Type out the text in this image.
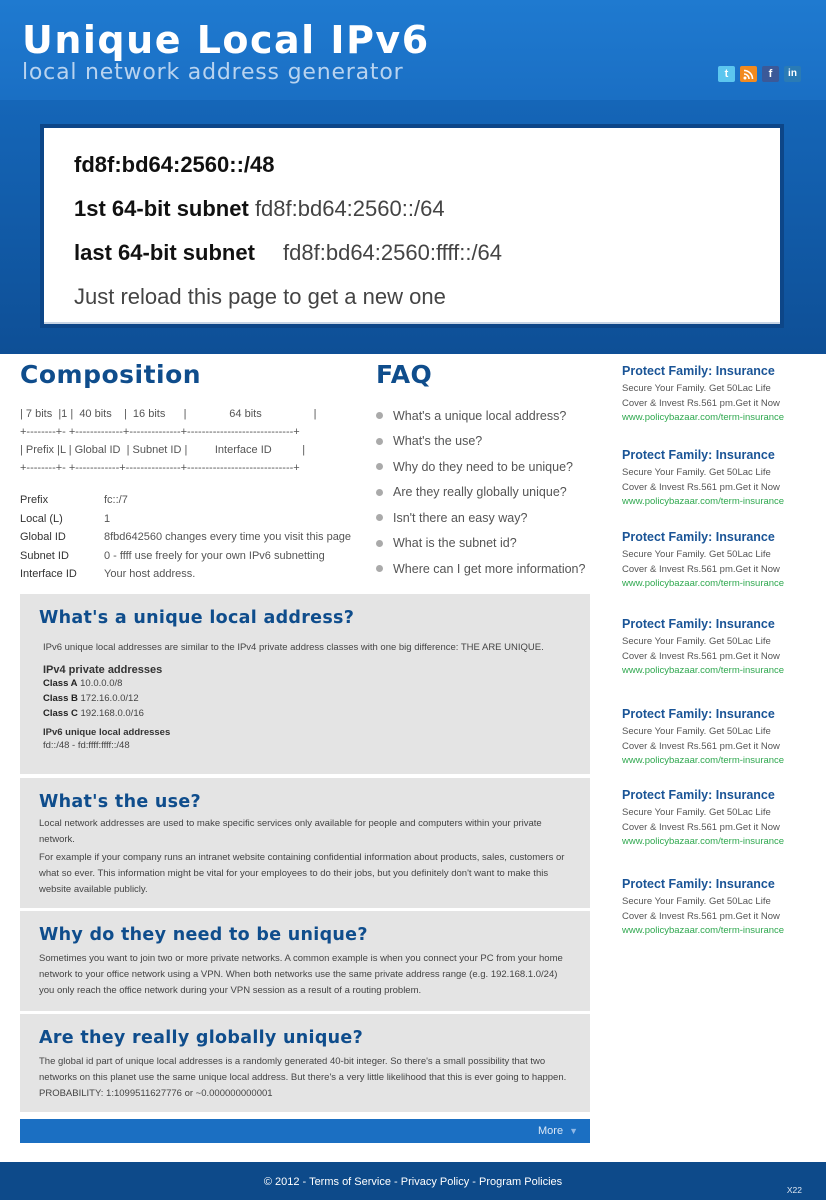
Unique Local IPv6
local network address generator	t	f	in
fd8f:bd64:2560::/48
1st 64-bit subnet fd8f:bd64:2560::/64
last 64-bit subnet fd8f:bd64:2560:ffff::/64
Just reload this page to get a new one
Composition
| 7 bits  |1 |  40 bits    |  16 bits      |              64 bits                 |
+--------+- +-------------+--------------+-----------------------------+
| Prefix |L | Global ID  | Subnet ID |         Interface ID          |
+--------+- +------------+---------------+-----------------------------+
Prefix	fc::/7
Local (L)	1
Global ID	8fbd642560 changes every time you visit this page
Subnet ID	0 - ffff use freely for your own IPv6 subnetting
Interface ID	Your host address.
FAQ
What's a unique local address?
What's the use?
Why do they need to be unique?
Are they really globally unique?
Isn't there an easy way?
What is the subnet id?
Where can I get more information?
What's a unique local address?

IPv6 unique local addresses are similar to the IPv4 private address classes with one big difference: THE ARE UNIQUE.

IPv4 private addresses
Class A 10.0.0.0/8
Class B 172.16.0.0/12
Class C 192.168.0.0/16
IPv6 unique local addresses
fd::/48 - fd:ffff:ffff::/48
What's the use?

Local network addresses are used to make specific services only available for people and computers within your private network.

For example if your company runs an intranet website containing confidential information about products, sales, customers or what so ever. This information might be vital for your employees to do their jobs, but you definitely don't want to make this website available publicly.

Why do they need to be unique?

Sometimes you want to join two or more private networks. A common example is when you connect your PC from your home network to your office network using a VPN. When both networks use the same private address range (e.g. 192.168.1.0/24) you only reach the office network during your VPN session as a result of a routing problem.

Are they really globally unique?

The global id part of unique local addresses is a randomly generated 40-bit integer. So there's a small possibility that two networks on this planet use the same unique local address. But there's a very little likelihood that this is ever going to happen. PROBABILITY: 1:1099511627776 or ~0.000000000001

More ▼
Protect Family: Insurance
Secure Your Family. Get 50Lac Life
Cover & Invest Rs.561 pm.Get it Now
www.policybazaar.com/term-insurance
Protect Family: Insurance
Secure Your Family. Get 50Lac Life
Cover & Invest Rs.561 pm.Get it Now
www.policybazaar.com/term-insurance
Protect Family: Insurance
Secure Your Family. Get 50Lac Life
Cover & Invest Rs.561 pm.Get it Now
www.policybazaar.com/term-insurance
Protect Family: Insurance
Secure Your Family. Get 50Lac Life
Cover & Invest Rs.561 pm.Get it Now
www.policybazaar.com/term-insurance
Protect Family: Insurance
Secure Your Family. Get 50Lac Life
Cover & Invest Rs.561 pm.Get it Now
www.policybazaar.com/term-insurance
Protect Family: Insurance
Secure Your Family. Get 50Lac Life
Cover & Invest Rs.561 pm.Get it Now
www.policybazaar.com/term-insurance
Protect Family: Insurance
Secure Your Family. Get 50Lac Life
Cover & Invest Rs.561 pm.Get it Now
www.policybazaar.com/term-insurance
© 2012 - Terms of Service - Privacy Policy - Program Policies
X22
